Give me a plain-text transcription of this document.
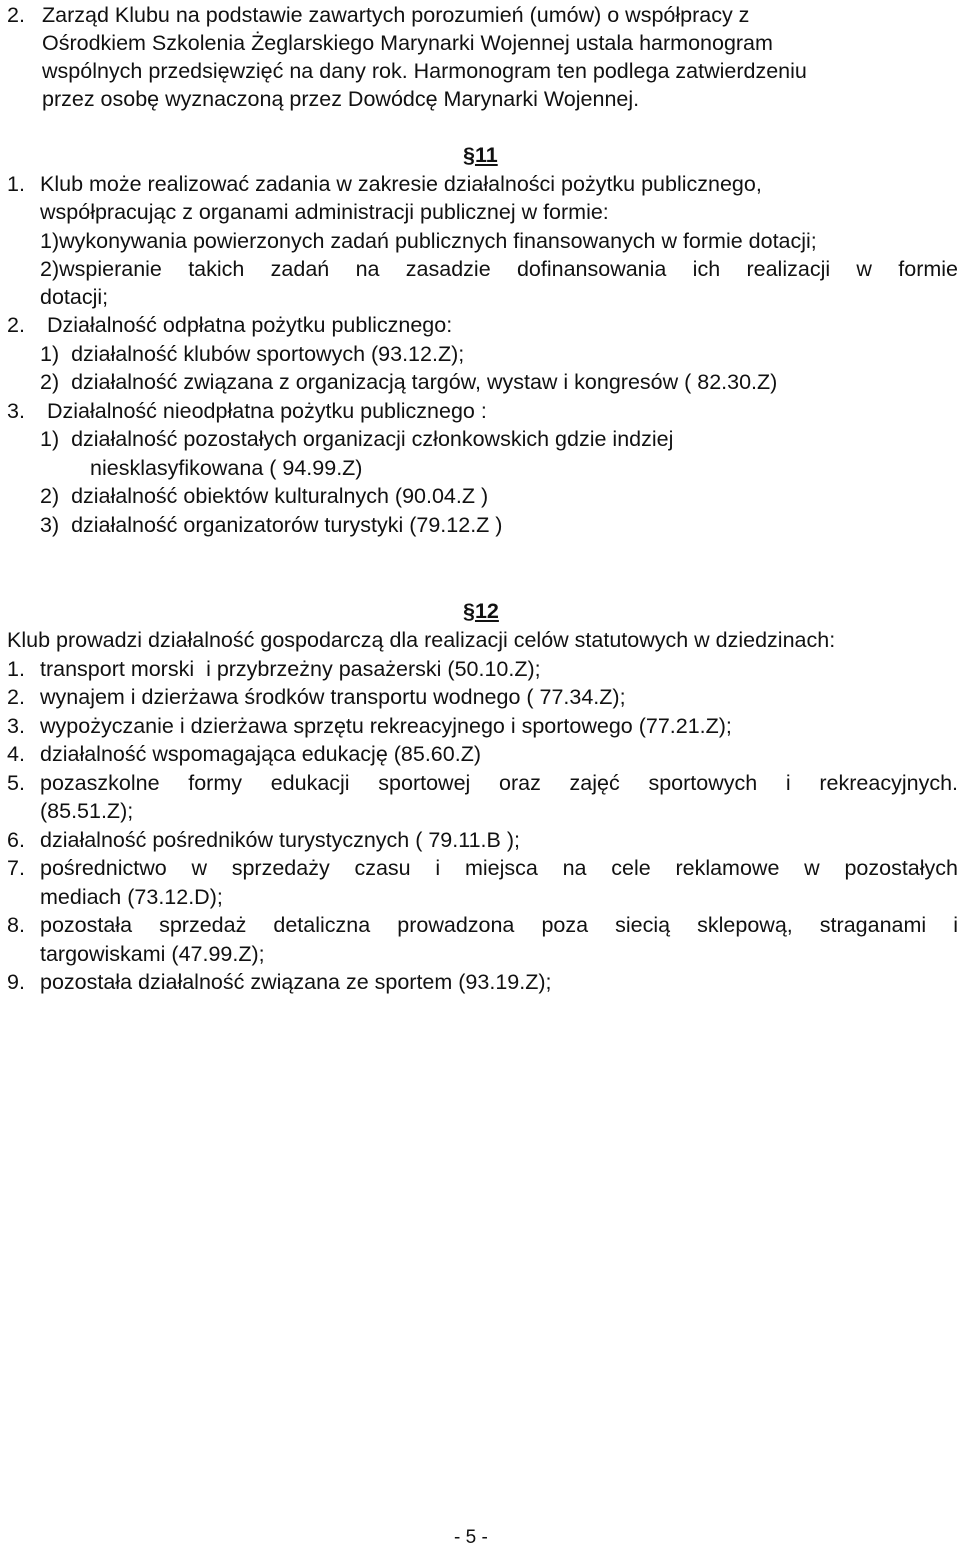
2. Zarząd Klubu na podstawie zawartych porozumień (umów) o współpracy z
Ośrodkiem Szkolenia Żeglarskiego Marynarki Wojennej ustala harmonogram
wspólnych przedsięwzięć na dany rok. Harmonogram ten podlega zatwierdzeniu
przez osobę wyznaczoną przez Dowódcę Marynarki Wojennej.
§11
1. Klub może realizować zadania w zakresie działalności pożytku publicznego,
współpracując z organami administracji publicznej w formie:
1)wykonywania powierzonych zadań publicznych finansowanych w formie dotacji;
2)wspieranie takich zadań na zasadzie dofinansowania ich realizacji w formie
dotacji;
2. Działalność odpłatna pożytku publicznego:
1)  działalność klubów sportowych (93.12.Z);
2)  działalność związana z organizacją targów, wystaw i kongresów ( 82.30.Z)
3. Działalność nieodpłatna pożytku publicznego :
1)  działalność pozostałych organizacji członkowskich gdzie indziej
niesklasyfikowana ( 94.99.Z)
2)  działalność obiektów kulturalnych (90.04.Z )
3)  działalność organizatorów turystyki (79.12.Z )
§12
Klub prowadzi działalność gospodarczą dla realizacji celów statutowych w dziedzinach:
1. transport morski  i przybrzeżny pasażerski (50.10.Z);
2. wynajem i dzierżawa środków transportu wodnego ( 77.34.Z);
3. wypożyczanie i dzierżawa sprzętu rekreacyjnego i sportowego (77.21.Z);
4. działalność wspomagająca edukację (85.60.Z)
5. pozaszkolne formy edukacji sportowej oraz zajęć sportowych i rekreacyjnych.
(85.51.Z);
6. działalność pośredników turystycznych ( 79.11.B );
7. pośrednictwo w sprzedaży czasu i miejsca na cele reklamowe w pozostałych
mediach (73.12.D);
8. pozostała sprzedaż detaliczna prowadzona poza siecią sklepową, straganami i
targowiskami (47.99.Z);
9. pozostała działalność związana ze sportem (93.19.Z);
- 5 -
